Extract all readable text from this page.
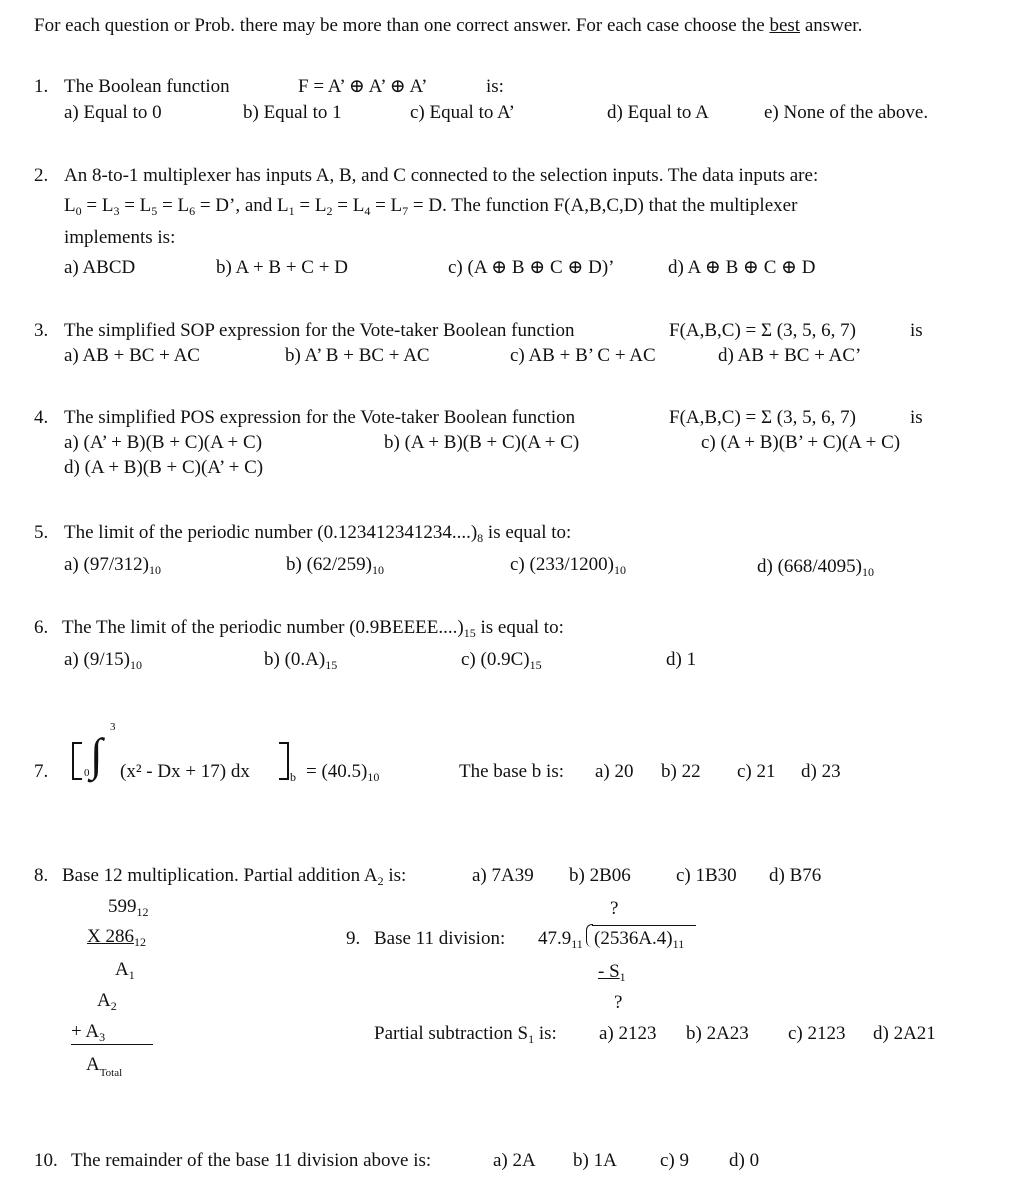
For each question or Prob. there may be more than one correct answer. For each case choose the best answer.
1. The Boolean function	F = A’ ⊕ A’ ⊕ A’	is:
a) Equal to 0	b) Equal to 1	c) Equal to A’	d) Equal to A	e) None of the above.
2. An 8-to-1 multiplexer has inputs A, B, and C connected to the selection inputs. The data inputs are:
$L_0 = L_3 = L_5 = L_6 = D$’, and $L_1 = L_2 = L_4 = L_7 = D$. The function F(A,B,C,D) that the multiplexer
implements is:
a) ABCD	b) A + B + C + D	c) (A ⊕ B ⊕ C ⊕ D)’	d) A ⊕ B ⊕ C ⊕ D
3. The simplified SOP expression for the Vote-taker Boolean function	F(A,B,C) = Σ (3, 5, 6, 7)	is
a) AB + BC + AC	b) A’ B + BC + AC	c) AB + B’ C + AC	d) AB + BC + AC’
4. The simplified POS expression for the Vote-taker Boolean function	F(A,B,C) = Σ (3, 5, 6, 7)	is
a) (A’ + B)(B + C)(A + C)	b) (A + B)(B + C)(A + C)	c) (A + B)(B’ + C)(A + C)
d) (A + B)(B + C)(A’ + C)
5. The limit of the periodic number $(0.123412341234....)_8$ is equal to:
a) $(97/312)_{10}$	b) $(62/259)_{10}$	c) $(233/1200)_{10}$	d) $(668/4095)_{10}$
6. The The limit of the periodic number $(0.9BEEEE....)_{15}$ is equal to:
a) $(9/15)_{10}$	b) $(0.A)_{15}$	c) $(0.9C)_{15}$	d) 1
7.
3
0 ∫ (x² - Dx + 17) dx	$b = (40.5)_{10}$	The base b is: a) 20 b) 22 c) 21 d) 23
8. Base 12 multiplication. Partial addition $A_2$ is:	a) 7A39 b) 2B06 c) 1B30 d) B76
$599_{12}$
X $286_{12}$
$A_1$
$A_2$
+ $A_3$
$A_{Total}$
?
9. Base 11 division: $47.9_{11}$ $(2536A.4)_{11}$
- $S_1$
?
Partial subtraction $S_1$ is: a) 2123 b) 2A23 c) 2123 d) 2A21
10. The remainder of the base 11 division above is:	a) 2A b) 1A c) 9 d) 0
